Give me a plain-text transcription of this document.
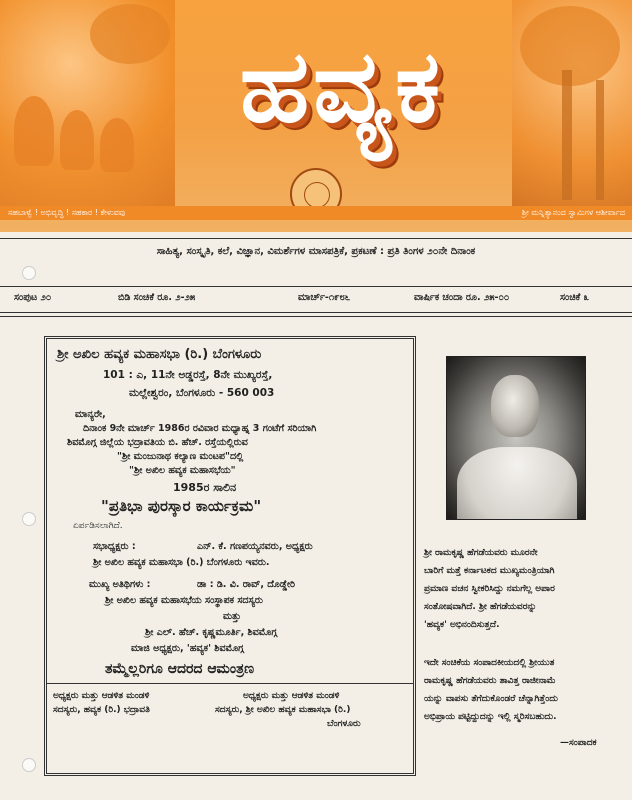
ಹವ್ಯಕ
ಸಹಬಾಳ್ವೆ ! ಅಭಿವೃದ್ಧಿ ! ಸಹಕಾರ ! ಕೇಳುವವು	ಶ್ರೀ ಮನ್ನಿತ್ಯಾನಂದ ಸ್ವಾಮಿಗಳ ಆಶೀರ್ವಾದ
ಸಾಹಿತ್ಯ, ಸಂಸ್ಕೃತಿ, ಕಲೆ, ವಿಜ್ಞಾನ, ವಿಮರ್ಶೆಗಳ ಮಾಸಪತ್ರಿಕೆ, ಪ್ರಕಟಣೆ : ಪ್ರತಿ ತಿಂಗಳ ೨೦ನೇ ದಿನಾಂಕ
ಸಂಪುಟ ೨೦	ಬಿಡಿ ಸಂಚಿಕೆ ರೂ. ೨-೨೫	ಮಾರ್ಚ್-೧೯೮೬	ವಾರ್ಷಿಕ ಚಂದಾ ರೂ. ೨೫-೦೦	ಸಂಚಿಕೆ ೩
ಶ್ರೀ ಅಖಿಲ ಹವ್ಯಕ ಮಹಾಸಭಾ (ರಿ.) ಬೆಂಗಳೂರು
101 : ಎ, 11ನೇ ಅಡ್ಡರಸ್ತೆ, 8ನೇ ಮುಖ್ಯರಸ್ತೆ,
ಮಲ್ಲೇಶ್ವರಂ, ಬೆಂಗಳೂರು - 560 003
ಮಾನ್ಯರೇ,
ದಿನಾಂಕ 9ನೇ ಮಾರ್ಚ್ 1986ರ ರವಿವಾರ ಮಧ್ಯಾಹ್ನ 3 ಗಂಟೆಗೆ ಸರಿಯಾಗಿ
ಶಿವಮೊಗ್ಗ ಜಿಲ್ಲೆಯ ಭದ್ರಾವತಿಯ ಬಿ. ಹೆಚ್. ರಸ್ತೆಯಲ್ಲಿರುವ
"ಶ್ರೀ ಮಂಜುನಾಥ ಕಲ್ಯಾಣ ಮಂಟಪ"ದಲ್ಲಿ
"ಶ್ರೀ ಅಖಿಲ ಹವ್ಯಕ ಮಹಾಸಭೆಯ"
1985ರ ಸಾಲಿನ
"ಪ್ರತಿಭಾ ಪುರಸ್ಕಾರ ಕಾರ್ಯಕ್ರಮ"
ಏರ್ಪಡಿಸಲಾಗಿದೆ.
ಸಭಾಧ್ಯಕ್ಷರು :	ಎನ್. ಕೆ. ಗಣಪಯ್ಯನವರು, ಅಧ್ಯಕ್ಷರು
ಶ್ರೀ ಅಖಿಲ ಹವ್ಯಕ ಮಹಾಸಭಾ (ರಿ.) ಬೆಂಗಳೂರು ಇವರು.
ಮುಖ್ಯ ಅತಿಥಿಗಳು :	ಡಾ : ಡಿ. ವಿ. ರಾವ್, ದೊಡ್ಡೇರಿ
ಶ್ರೀ ಅಖಿಲ ಹವ್ಯಕ ಮಹಾಸಭೆಯ ಸಂಸ್ಥಾಪಕ ಸದಸ್ಯರು
ಮತ್ತು
ಶ್ರೀ ಎಲ್. ಹೆಚ್. ಕೃಷ್ಣಮೂರ್ತಿ, ಶಿವಮೊಗ್ಗ
ಮಾಜಿ ಅಧ್ಯಕ್ಷರು, 'ಹವ್ಯಕ' ಶಿವಮೊಗ್ಗ
ತಮ್ಮೆಲ್ಲರಿಗೂ ಆದರದ ಆಮಂತ್ರಣ
ಅಧ್ಯಕ್ಷರು ಮತ್ತು ಆಡಳಿತ ಮಂಡಳಿ
ಸದಸ್ಯರು, ಹವ್ಯಕ (ರಿ.) ಭದ್ರಾವತಿ
ಅಧ್ಯಕ್ಷರು ಮತ್ತು ಆಡಳಿತ ಮಂಡಳಿ
ಸದಸ್ಯರು, ಶ್ರೀ ಅಖಿಲ ಹವ್ಯಕ ಮಹಾಸಭಾ (ರಿ.)
ಬೆಂಗಳೂರು
ಶ್ರೀ ರಾಮಕೃಷ್ಣ ಹೆಗಡೆಯವರು ಮೂರನೇ
ಬಾರಿಗೆ ಮತ್ತೆ ಕರ್ನಾಟಕದ ಮುಖ್ಯಮಂತ್ರಿಯಾಗಿ
ಪ್ರಮಾಣ ವಚನ ಸ್ವೀಕರಿಸಿದ್ದು ನಮಗೆಲ್ಲ ಅಪಾರ
ಸಂತೋಷವಾಗಿದೆ. ಶ್ರೀ ಹೆಗಡೆಯವರನ್ನು
'ಹವ್ಯಕ' ಅಭಿನಂದಿಸುತ್ತದೆ.
ಇದೇ ಸಂಚಿಕೆಯ ಸಂಪಾದಕೀಯದಲ್ಲಿ ಶ್ರೀಯುತ
ರಾಮಕೃಷ್ಣ ಹೆಗಡೆಯವರು ತಾವಿತ್ತ ರಾಜೀನಾಮೆ
ಯನ್ನು ವಾಪಸು ತೆಗೆದುಕೊಂಡರೆ ಚೆನ್ನಾಗಿತ್ತೆಂದು
ಅಭಿಪ್ರಾಯ ಪಟ್ಟಿದ್ದುದನ್ನು ಇಲ್ಲಿ ಸ್ಮರಿಸಬಹುದು.
—ಸಂಪಾದಕ
